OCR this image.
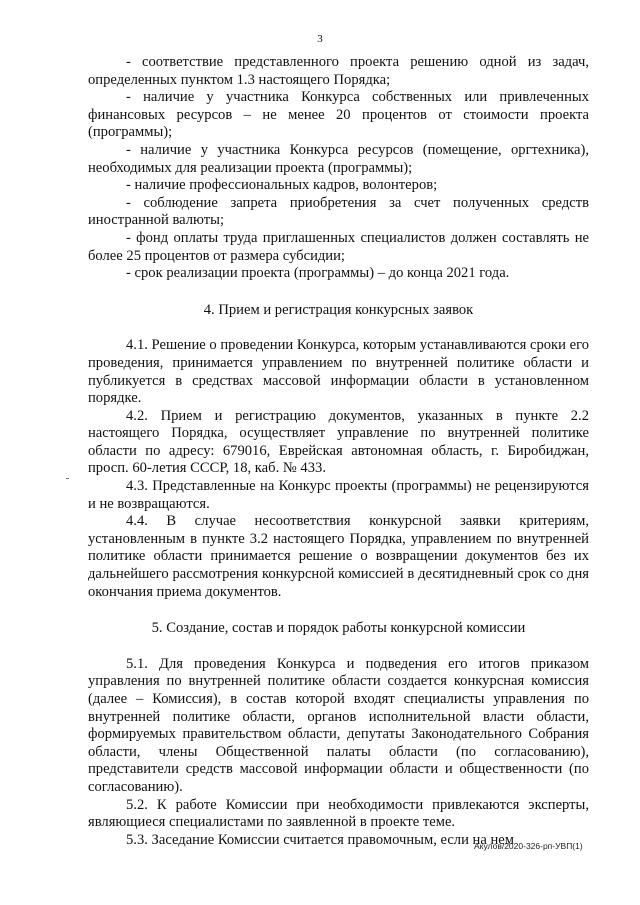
3

- соответствие представленного проекта решению одной из задач, определенных пунктом 1.3 настоящего Порядка;

- наличие у участника Конкурса собственных или привлеченных финансовых ресурсов – не менее 20 процентов от стоимости проекта (программы);

- наличие у участника Конкурса ресурсов (помещение, оргтехника), необходимых для реализации проекта (программы);

- наличие профессиональных кадров, волонтеров;

- соблюдение запрета приобретения за счет полученных средств иностранной валюты;

- фонд оплаты труда приглашенных специалистов должен составлять не более 25 процентов от размера субсидии;

- срок реализации проекта (программы) – до конца 2021 года.

4. Прием и регистрация конкурсных заявок

4.1. Решение о проведении Конкурса, которым устанавливаются сроки его проведения, принимается управлением по внутренней политике области и публикуется в средствах массовой информации области в установленном порядке.

4.2. Прием и регистрацию документов, указанных в пункте 2.2 настоящего Порядка, осуществляет управление по внутренней политике области по адресу: 679016, Еврейская автономная область, г. Биробиджан, просп. 60-летия СССР, 18, каб. № 433.

4.3. Представленные на Конкурс проекты (программы) не рецензируются и не возвращаются.

4.4. В случае несоответствия конкурсной заявки критериям, установленным в пункте 3.2 настоящего Порядка, управлением по внутренней политике области принимается решение о возвращении документов без их дальнейшего рассмотрения конкурсной комиссией в десятидневный срок со дня окончания приема документов.

5. Создание, состав и порядок работы конкурсной комиссии

5.1. Для проведения Конкурса и подведения его итогов приказом управления по внутренней политике области создается конкурсная комиссия (далее – Комиссия), в состав которой входят специалисты управления по внутренней политике области, органов исполнительной власти области, формируемых правительством области, депутаты Законодательного Собрания области, члены Общественной палаты области (по согласованию), представители средств массовой информации области и общественности (по согласованию).

5.2. К работе Комиссии при необходимости привлекаются эксперты, являющиеся специалистами по заявленной в проекте теме.

5.3. Заседание Комиссии считается правомочным, если на нем

Акулов/2020-326-рп-УВП(1)
